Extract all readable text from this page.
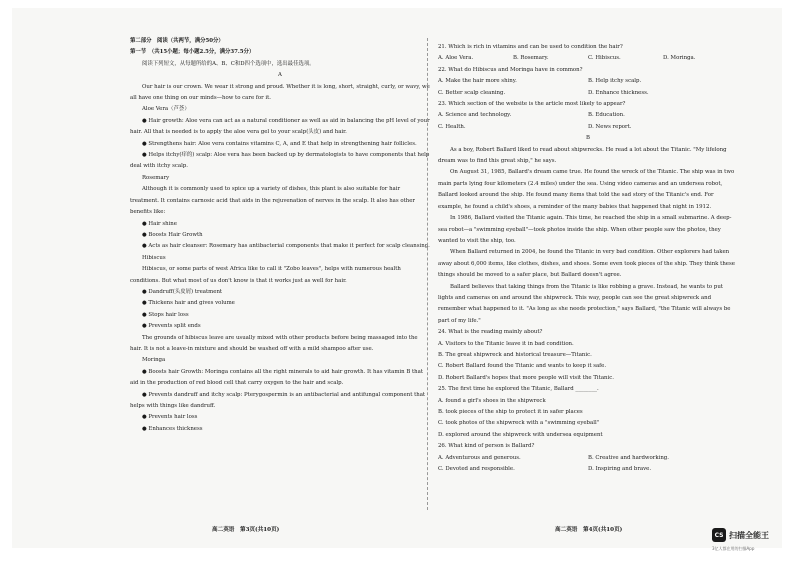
第二部分　阅读（共两节，满分50分）

第一节　（共15小题；每小题2.5分，满分37.5分）

阅读下列短文，从每题所给的A、B、C和D四个选项中，选出最佳选项。

A

Our hair is our crown. We wear it strong and proud. Whether it is long, short, straight, curly, or wavy, we all have one thing on our minds—how to care for it.

Aloe Vera（芦荟）

● Hair growth: Aloe vera can act as a natural conditioner as well as aid in balancing the pH level of your hair. All that is needed is to apply the aloe vera gel to your scalp(头皮) and hair.

● Strengthens hair: Aloe vera contains vitamins C, A, and E that help in strengthening hair follicles.

● Helps itchy(痒的) scalp: Aloe vera has been backed up by dermatologists to have components that help deal with itchy scalp.

Rosemary

Although it is commonly used to spice up a variety of dishes, this plant is also suitable for hair treatment. It contains carnosic acid that aids in the rejuvenation of nerves in the scalp. It also has other benefits like:

● Hair shine

● Boosts Hair Growth

● Acts as hair cleanser: Rosemary has antibacterial components that make it perfect for scalp cleansing.

Hibiscus

Hibiscus, or some parts of west Africa like to call it "Zobo leaves", helps with numerous health conditions. But what most of us don't know is that it works just as well for hair.

● Dandruff(头皮屑) treatment

● Thickens hair and gives volume

● Stops hair loss

● Prevents split ends

The grounds of hibiscus leave are usually mixed with other products before being massaged into the hair. It is not a leave-in mixture and should be washed off with a mild shampoo after use.

Moringa

● Boosts hair Growth: Moringa contains all the right minerals to aid hair growth. It has vitamin B that aid in the production of red blood cell that carry oxygen to the hair and scalp.

● Prevents dandruff and itchy scalp: Pterygospermin is an antibacterial and antifungal component that helps with things like dandruff.

● Prevents hair loss

● Enhances thickness

21. Which is rich in vitamins and can be used to condition the hair?

A. Aloe Vera.	B. Rosemary.	C. Hibiscus.	D. Moringa.

22. What do Hibiscus and Moringa have in common?

A. Make the hair more shiny.	B. Help itchy scalp.

C. Better scalp cleaning.	D. Enhance thickness.

23. Which section of the website is the article most likely to appear?

A. Science and technology.	B. Education.

C. Health.	D. News report.

B

As a boy, Robert Ballard liked to read about shipwrecks. He read a lot about the Titanic. "My lifelong dream was to find this great ship," he says.

On August 31, 1985, Ballard's dream came true. He found the wreck of the Titanic. The ship was in two main parts lying four kilometers (2.4 miles) under the sea. Using video cameras and an undersea robot, Ballard looked around the ship. He found many items that told the sad story of the Titanic's end. For example, he found a child's shoes, a reminder of the many babies that happened that night in 1912.

In 1986, Ballard visited the Titanic again. This time, he reached the ship in a small submarine. A deep-sea robot—a "swimming eyeball"—took photos inside the ship. When other people saw the photos, they wanted to visit the ship, too.

When Ballard returned in 2004, he found the Titanic in very bad condition. Other explorers had taken away about 6,000 items, like clothes, dishes, and shoes. Some even took pieces of the ship. They think these things should be moved to a safer place, but Ballard doesn't agree.

Ballard believes that taking things from the Titanic is like robbing a grave. Instead, he wants to put lights and cameras on and around the shipwreck. This way, people can see the great shipwreck and remember what happened to it. "As long as she needs protection," says Ballard, "the Titanic will always be part of my life."

24. What is the reading mainly about?

A. Visitors to the Titanic leave it in bad condition.

B. The great shipwreck and historical treasure—Titanic.

C. Robert Ballard found the Titanic and wants to keep it safe.

D. Robert Ballard's hopes that more people will visit the Titanic.

25. The first time he explored the Titanic, Ballard ________.

A. found a girl's shoes in the shipwreck

B. took pieces of the ship to protect it in safer places

C. took photos of the shipwreck with a "swimming eyeball"

D. explored around the shipwreck with undersea equipment

26. What kind of person is Ballard?

A. Adventurous and generous.	B. Creative and hardworking.

C. Devoted and responsible.	D. Inspiring and brave.

高二英语　第3页(共10页)	高二英语　第4页(共10页)
CS 扫描全能王
3亿人都在用的扫描App
